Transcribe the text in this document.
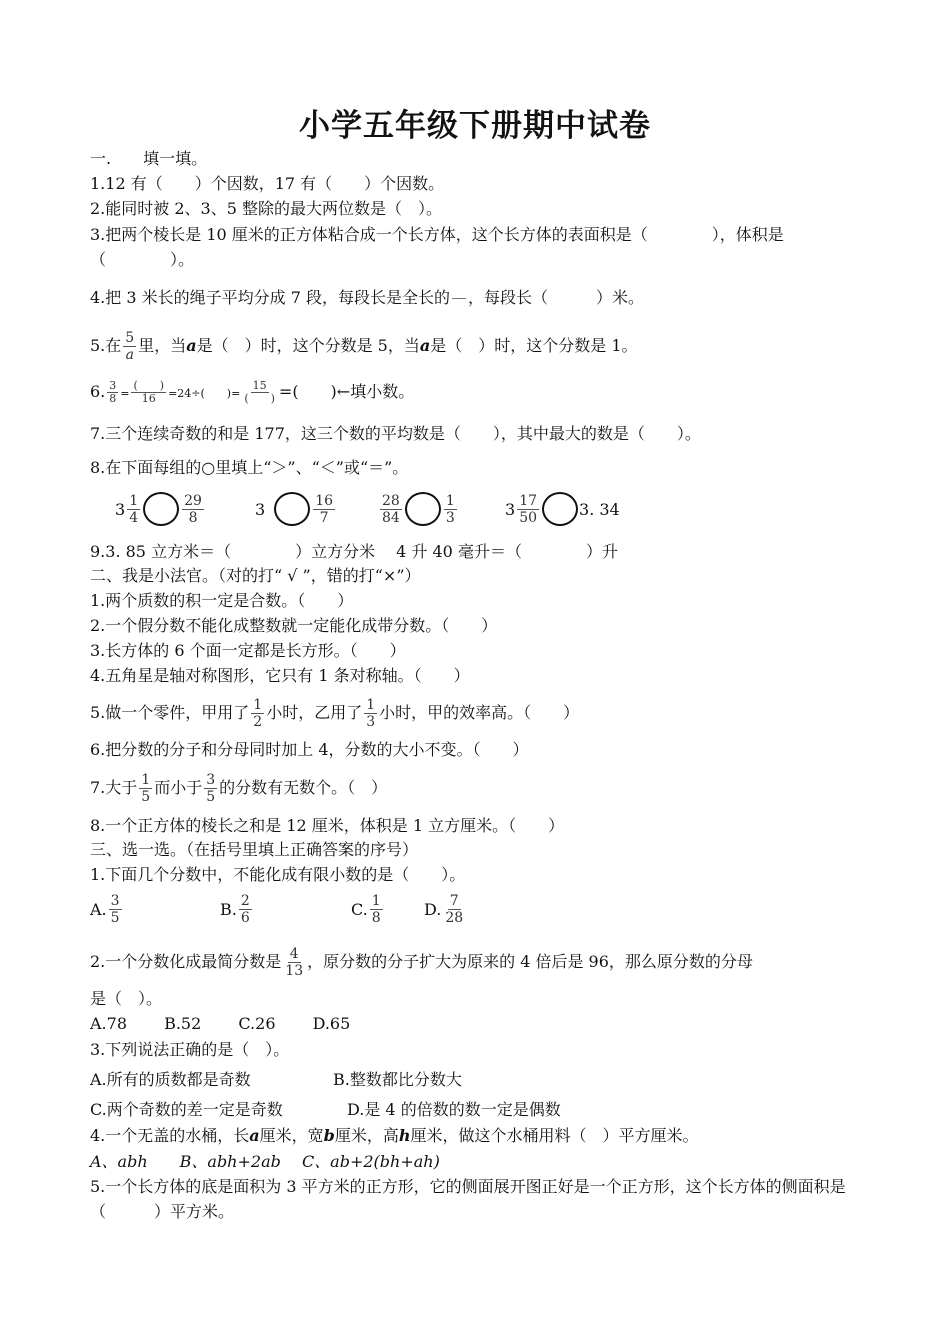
小学五年级下册期中试卷
一.　　填一填。
1.12 有（　　）个因数，17 有（　　）个因数。
2.能同时被 2、3、5 整除的最大两位数是（　）。
3.把两个棱长是 10 厘米的正方体粘合成一个长方体，这个长方体的表面积是（　　　　），体积是（　　　　）。
4.把 3 米长的绳子平均分成 7 段，每段长是全长的 ，每段长（　　　）米。
5.在 $\frac{5}{a}$ 里，当a是（　）时，这个分数是 5，当a是（　）时，这个分数是 1。
6. $\frac{3}{8} = \frac{( )}{16} =24\div$(　　)= $\frac{15}{( )}$ =(　　)←填小数。
7.三个连续奇数的和是 177，这三个数的平均数是（　　），其中最大的数是（　　）。
8.在下面每组的○里填上“＞”、“＜”或“＝”。
$3 \frac{1}{4}$	$\frac{29}{8}$	3	$\frac{16}{7}$	$\frac{28}{84}$	$\frac{1}{3}$	$3 \frac{17}{50}$	3. 34
9.3. 85 立方米＝（　　　　）立方分米　 4 升 40 毫升＝（　　　　）升
二、我是小法官。（对的打“ √ ”，错的打“×”）
1.两个质数的积一定是合数。（　　）
2.一个假分数不能化成整数就一定能化成带分数。（　　）
3.长方体的 6 个面一定都是长方形。（　　）
4.五角星是轴对称图形，它只有 1 条对称轴。（　　）
5.做一个零件，甲用了 $\frac{1}{2}$ 小时，乙用了 $\frac{1}{3}$ 小时，甲的效率高。（　　）
6.把分数的分子和分母同时加上 4，分数的大小不变。（　　）
7.大于 $\frac{1}{5}$ 而小于 $\frac{3}{5}$ 的分数有无数个。（　）
8.一个正方体的棱长之和是 12 厘米，体积是 1 立方厘米。（　　）
三、选一选。（在括号里填上正确答案的序号）
1.下面几个分数中，不能化成有限小数的是（　　）。
A. $\frac{3}{5}$	B. $\frac{2}{6}$	C. $\frac{1}{8}$	D. $\frac{7}{28}$
2.一个分数化成最简分数是 $\frac{4}{13}$ ，原分数的分子扩大为原来的 4 倍后是 96，那么原分数的分母
是（　）。
A.78　　 B.52　　 C.26　　 D.65
3.下列说法正确的是（　）。
A.所有的质数都是奇数	B.整数都比分数大
C.两个奇数的差一定是奇数	D.是 4 的倍数的数一定是偶数
4.一个无盖的水桶，长a厘米，宽b厘米，高h厘米，做这个水桶用料（　）平方厘米。
A、abh　　B、abh+2ab　 C、ab+2(bh+ah)
5.一个长方体的底是面积为 3 平方米的正方形，它的侧面展开图正好是一个正方形，这个长方体的侧面积是（　　　）平方米。
